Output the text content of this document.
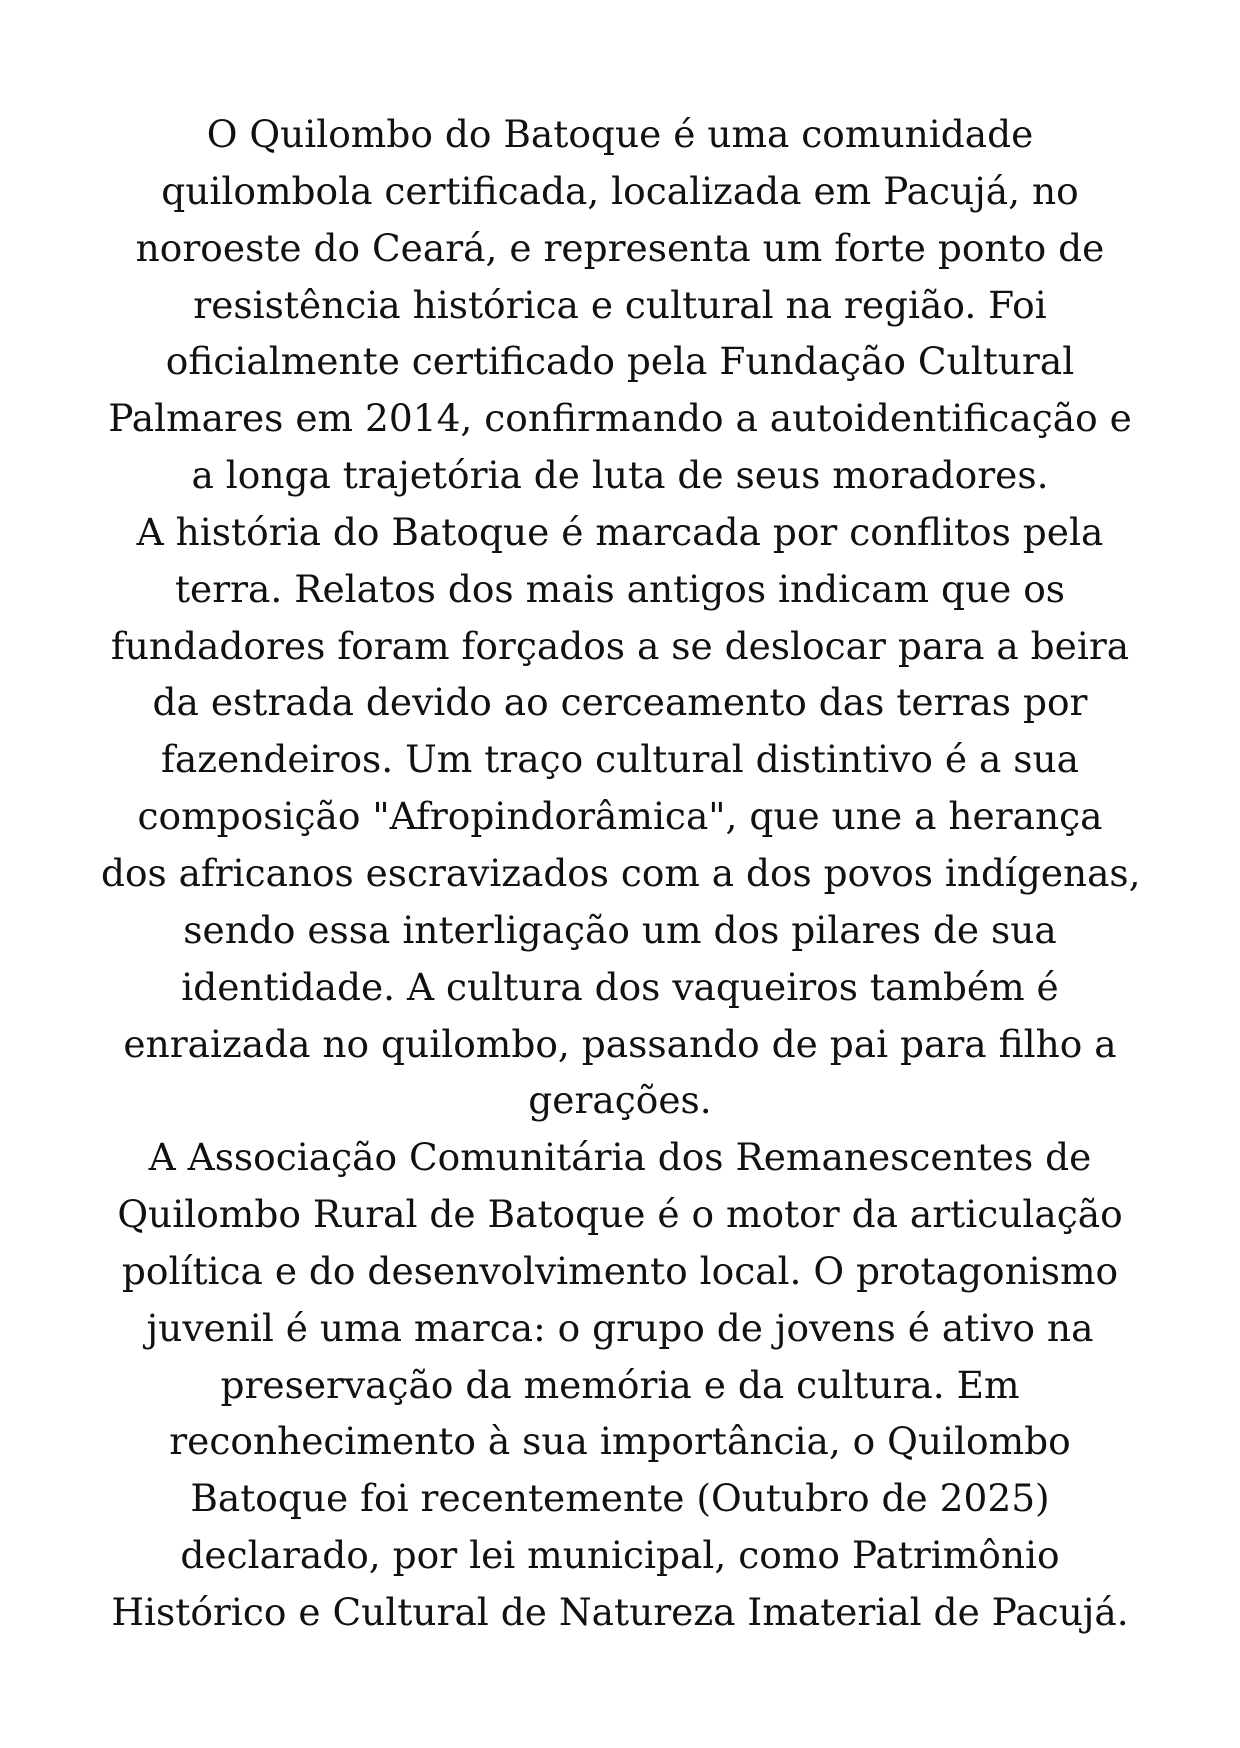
O Quilombo do Batoque é uma comunidade
quilombola certificada, localizada em Pacujá, no
noroeste do Ceará, e representa um forte ponto de
resistência histórica e cultural na região. Foi
oficialmente certificado pela Fundação Cultural
Palmares em 2014, confirmando a autoidentificação e
a longa trajetória de luta de seus moradores.

A história do Batoque é marcada por conflitos pela
terra. Relatos dos mais antigos indicam que os
fundadores foram forçados a se deslocar para a beira
da estrada devido ao cerceamento das terras por
fazendeiros. Um traço cultural distintivo é a sua
composição "Afropindorâmica", que une a herança
dos africanos escravizados com a dos povos indígenas,
sendo essa interligação um dos pilares de sua
identidade. A cultura dos vaqueiros também é
enraizada no quilombo, passando de pai para filho a
gerações.

A Associação Comunitária dos Remanescentes de
Quilombo Rural de Batoque é o motor da articulação
política e do desenvolvimento local. O protagonismo
juvenil é uma marca: o grupo de jovens é ativo na
preservação da memória e da cultura. Em
reconhecimento à sua importância, o Quilombo
Batoque foi recentemente (Outubro de 2025)
declarado, por lei municipal, como Patrimônio
Histórico e Cultural de Natureza Imaterial de Pacujá.
